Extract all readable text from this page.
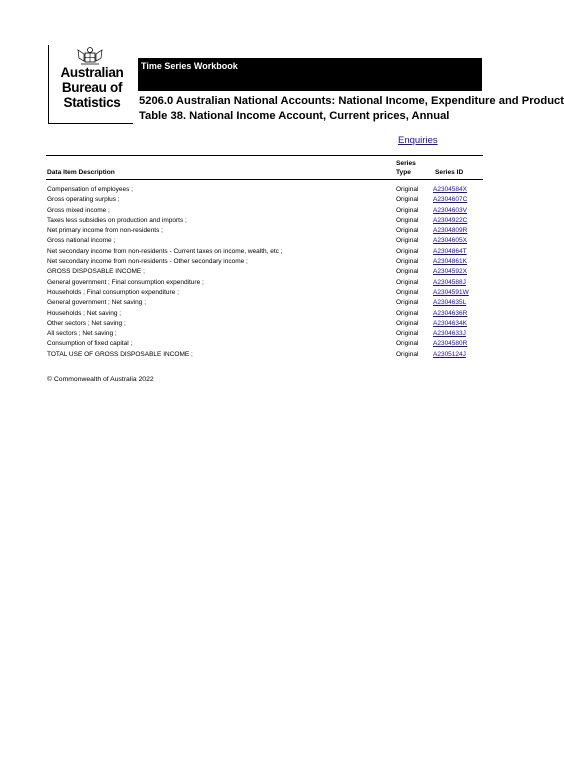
Australian
Bureau of
Statistics
Time Series Workbook
5206.0 Australian National Accounts: National Income, Expenditure and Product
Table 38. National Income Account, Current prices, Annual
Enquiries
Data Item Description
Series Type	Series ID
Compensation of employees ;	Original A2304584X
Gross operating surplus ;	Original A2304607C
Gross mixed income ;	Original A2304603V
Taxes less subsidies on production and imports ;	Original A2304922C
Net primary income from non-residents ;	Original A2304809R
Gross national income ;	Original A2304605X
Net secondary income from non-residents - Current taxes on income, wealth, etc ;	Original A2304864T
Net secondary income from non-residents - Other secondary income ;	Original A2304861K
GROSS DISPOSABLE INCOME ;	Original A2304592X
General government ; Final consumption expenditure ;	Original A2304588J
Households ; Final consumption expenditure ;	Original A2304591W
General government ; Net saving ;	Original A2304635L
Households ; Net saving ;	Original A2304636R
Other sectors ; Net saving ;	Original A2304634K
All sectors ; Net saving ;	Original A2304633J
Consumption of fixed capital ;	Original A2304580R
TOTAL USE OF GROSS DISPOSABLE INCOME ;	Original A2305124J
© Commonwealth of Australia 2022
